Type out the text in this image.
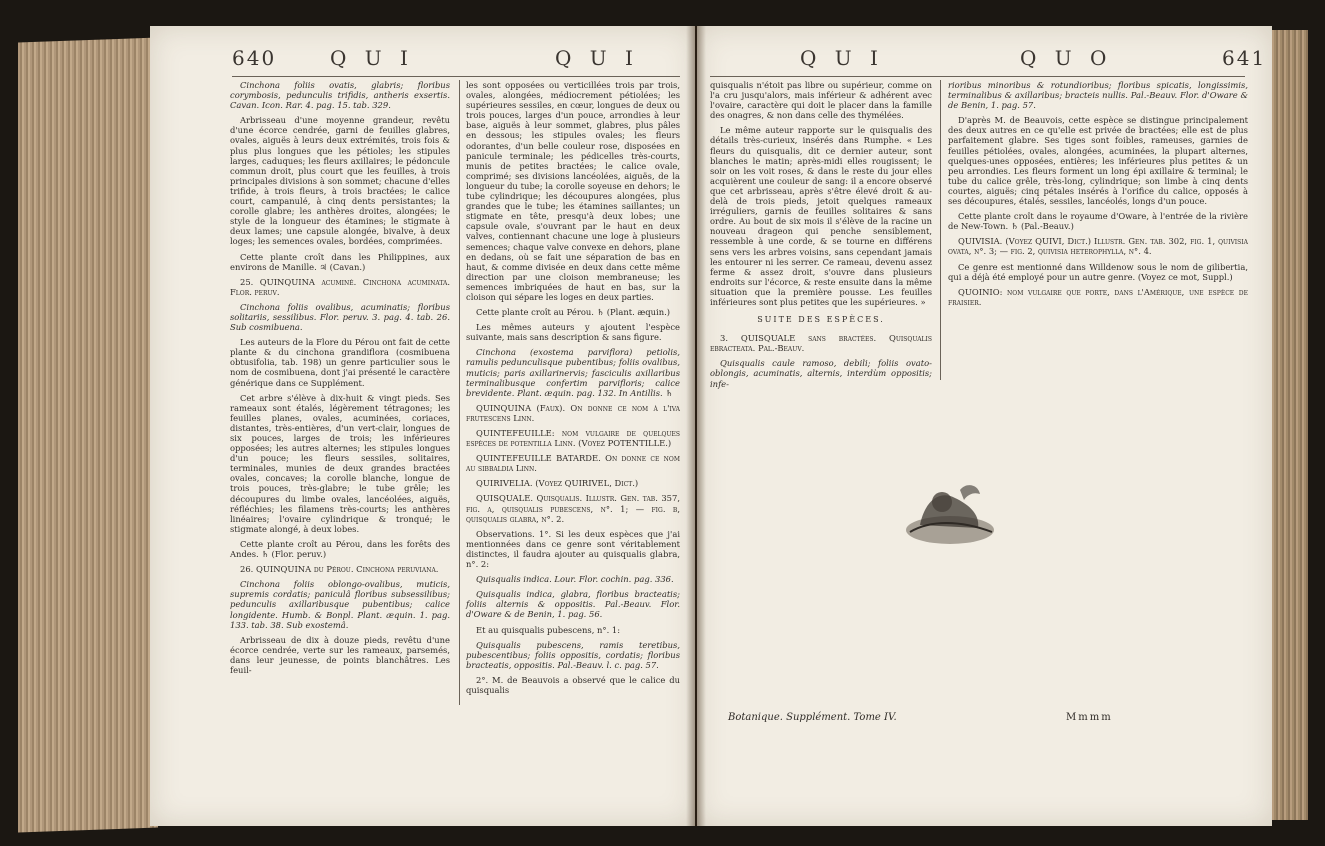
640	Q U I	Q U I	Q U I	Q U O	641

Cinchona foliis ovatis, glabris; floribus corymbosis, pedunculis trifidis, antheris exsertis. Cavan. Icon. Rar. 4. pag. 15. tab. 329.

Arbrisseau d'une moyenne grandeur, revêtu d'une écorce cendrée, garni de feuilles glabres, ovales, aiguës à leurs deux extrémités, trois fois & plus plus longues que les pétioles; les stipules larges, caduques; les fleurs axillaires; le pédoncule commun droit, plus court que les feuilles, à trois principales divisions à son sommet; chacune d'elles trifide, à trois fleurs, à trois bractées; le calice court, campanulé, à cinq dents persistantes; la corolle glabre; les anthères droites, alongées; le style de la longueur des étamines; le stigmate à deux lames; une capsule alongée, bivalve, à deux loges; les semences ovales, bordées, comprimées.

Cette plante croît dans les Philippines, aux environs de Manille. ♃ (Cavan.)

25. QUINQUINA acuminé. Cinchona acuminata. Flor. peruv.

Cinchona foliis ovalibus, acuminatis; floribus solitariis, sessilibus. Flor. peruv. 3. pag. 4. tab. 26. Sub cosmibuena.

Les auteurs de la Flore du Pérou ont fait de cette plante & du cinchona grandiflora (cosmibuena obtusifolia, tab. 198) un genre particulier sous le nom de cosmibuena, dont j'ai présenté le caractère générique dans ce Supplément.

Cet arbre s'élève à dix-huit & vingt pieds. Ses rameaux sont étalés, légèrement tétragones; les feuilles planes, ovales, acuminées, coriaces, distantes, très-entières, d'un vert-clair, longues de six pouces, larges de trois; les inférieures opposées; les autres alternes; les stipules longues d'un pouce; les fleurs sessiles, solitaires, terminales, munies de deux grandes bractées ovales, concaves; la corolle blanche, longue de trois pouces, très-glabre; le tube grêle; les découpures du limbe ovales, lancéolées, aiguës, réfléchies; les filamens très-courts; les anthères linéaires; l'ovaire cylindrique & tronqué; le stigmate alongé, à deux lobes.

Cette plante croît au Pérou, dans les forêts des Andes. ♄ (Flor. peruv.)

26. QUINQUINA du Pérou. Cinchona peruviana.

Cinchona foliis oblongo-ovalibus, muticis, supremis cordatis; paniculâ floribus subsessilibus; pedunculis axillaribusque pubentibus; calice longidente. Humb. & Bonpl. Plant. æquin. 1. pag. 133. tab. 38. Sub exostemâ.

Arbrisseau de dix à douze pieds, revêtu d'une écorce cendrée, verte sur les rameaux, parsemés, dans leur jeunesse, de points blanchâtres. Les feuil-

les sont opposées ou verticillées trois par trois, ovales, alongées, médiocrement pétiolées; les supérieures sessiles, en cœur, longues de deux ou trois pouces, larges d'un pouce, arrondies à leur base, aiguës à leur sommet, glabres, plus pâles en dessous; les stipules ovales; les fleurs odorantes, d'un belle couleur rose, disposées en panicule terminale; les pédicelles très-courts, munis de petites bractées; le calice ovale, comprimé; ses divisions lancéolées, aiguës, de la longueur du tube; la corolle soyeuse en dehors; le tube cylindrique; les découpures alongées, plus grandes que le tube; les étamines saillantes; un stigmate en tête, presqu'à deux lobes; une capsule ovale, s'ouvrant par le haut en deux valves, contiennant chacune une loge à plusieurs semences; chaque valve convexe en dehors, plane en dedans, où se fait une séparation de bas en haut, & comme divisée en deux dans cette même direction par une cloison membraneuse; les semences imbriquées de haut en bas, sur la cloison qui sépare les loges en deux parties.

Cette plante croît au Pérou. ♄ (Plant. æquin.)

Les mêmes auteurs y ajoutent l'espèce suivante, mais sans description & sans figure.

Cinchona (exostema parviflora) petiolis, ramulis pedunculisque pubentibus; foliis ovalibus, muticis; paris axillarinervis; fasciculis axillaribus terminalibusque confertim parvifloris; calice brevidente. Plant. æquin. pag. 132. In Antillis. ♄

QUINQUINA (Faux). On donne ce nom à l'iva frutescens Linn.

QUINTEFEUILLE: nom vulgaire de quelques espèces de potentilla Linn. (Voyez POTENTILLE.)

QUINTEFEUILLE BATARDE. On donne ce nom au sibbaldia Linn.

QUIRIVELIA. (Voyez QUIRIVEL, Dict.)

QUISQUALE. Quisqualis. Illustr. Gen. tab. 357, fig. a, quisqualis pubescens, n°. 1; — fig. b, quisqualis glabra, n°. 2.

Observations. 1°. Si les deux espèces que j'ai mentionnées dans ce genre sont véritablement distinctes, il faudra ajouter au quisqualis glabra, n°. 2:

Quisqualis indica. Lour. Flor. cochin. pag. 336.

Quisqualis indica, glabra, floribus bracteatis; foliis alternis & oppositis. Pal.-Beauv. Flor. d'Oware & de Benin, 1. pag. 56.

Et au quisqualis pubescens, n°. 1:

Quisqualis pubescens, ramis teretibus, pubescentibus; foliis oppositis, cordatis; floribus bracteatis, oppositis. Pal.-Beauv. l. c. pag. 57.

2°. M. de Beauvois a observé que le calice du quisqualis

quisqualis n'étoit pas libre ou supérieur, comme on l'a cru jusqu'alors, mais inférieur & adhérent avec l'ovaire, caractère qui doit le placer dans la famille des onagres, & non dans celle des thymélées.

Le même auteur rapporte sur le quisqualis des détails très-curieux, insérés dans Rumphe. « Les fleurs du quisqualis, dit ce dernier auteur, sont blanches le matin; après-midi elles rougissent; le soir on les voit roses, & dans le reste du jour elles acquièrent une couleur de sang: il a encore observé que cet arbrisseau, après s'être élevé droit & au-delà de trois pieds, jetoit quelques rameaux irréguliers, garnis de feuilles solitaires & sans ordre. Au bout de six mois il s'élève de la racine un nouveau drageon qui penche sensiblement, ressemble à une corde, & se tourne en différens sens vers les arbres voisins, sans cependant jamais les entourer ni les serrer. Ce rameau, devenu assez ferme & assez droit, s'ouvre dans plusieurs endroits sur l'écorce, & reste ensuite dans la même situation que la première pousse. Les feuilles inférieures sont plus petites que les supérieures. »

SUITE DES ESPÈCES.

3. QUISQUALE sans bractées. Quisqualis ebracteata. Pal.-Beauv.

Quisqualis caule ramoso, debili; foliis ovato-oblongis, acuminatis, alternis, interdùm oppositis; infe-

rioribus minoribus & rotundioribus; floribus spicatis, longissimis, terminalibus & axillaribus; bracteis nullis. Pal.-Beauv. Flor. d'Oware & de Benin, 1. pag. 57.

D'après M. de Beauvois, cette espèce se distingue principalement des deux autres en ce qu'elle est privée de bractées; elle est de plus parfaitement glabre. Ses tiges sont foibles, rameuses, garnies de feuilles pétiolées, ovales, alongées, acuminées, la plupart alternes, quelques-unes opposées, entières; les inférieures plus petites & un peu arrondies. Les fleurs forment un long épi axillaire & terminal; le tube du calice grêle, très-long, cylindrique; son limbe à cinq dents courtes, aiguës; cinq pétales insérés à l'orifice du calice, opposés à ses découpures, étalés, sessiles, lancéolés, longs d'un pouce.

Cette plante croît dans le royaume d'Oware, à l'entrée de la rivière de New-Town. ♄ (Pal.-Beauv.)

QUIVISIA. (Voyez QUIVI, Dict.) Illustr. Gen. tab. 302, fig. 1, quivisia ovata, n°. 3; — fig. 2, quivisia heterophylla, n°. 4.

Ce genre est mentionné dans Willdenow sous le nom de gilibertia, qui a déjà été employé pour un autre genre. (Voyez ce mot, Suppl.)

QUOINIO: nom vulgaire que porte, dans l'Amérique, une espèce de fraisier.

Botanique. Supplément. Tome IV.	Mmmm
